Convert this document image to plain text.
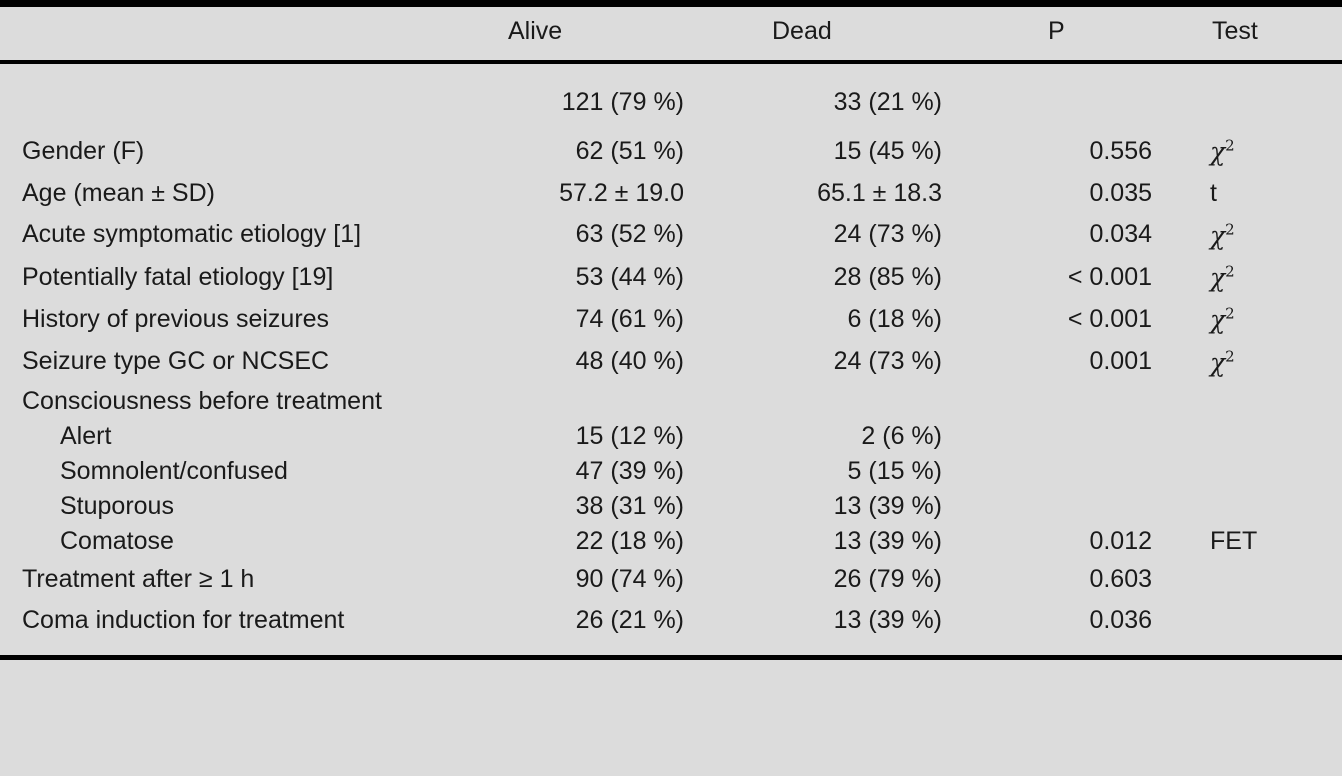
	Alive	Dead	P	Test

	121 (79 %)	33 (21 %)		
Gender (F)	62 (51 %)	15 (45 %)	0.556	$\chi^2$
Age (mean ± SD)	57.2 ± 19.0	65.1 ± 18.3	0.035	t
Acute symptomatic etiology [1]	63 (52 %)	24 (73 %)	0.034	$\chi^2$
Potentially fatal etiology [19]	53 (44 %)	28 (85 %)	< 0.001	$\chi^2$
History of previous seizures	74 (61 %)	6 (18 %)	< 0.001	$\chi^2$
Seizure type GC or NCSEC	48 (40 %)	24 (73 %)	0.001	$\chi^2$
Consciousness before treatment				
Alert	15 (12 %)	2 (6 %)		
Somnolent/confused	47 (39 %)	5 (15 %)		
Stuporous	38 (31 %)	13 (39 %)		
Comatose	22 (18 %)	13 (39 %)	0.012	FET
Treatment after ≥ 1 h	90 (74 %)	26 (79 %)	0.603	
Coma induction for treatment	26 (21 %)	13 (39 %)	0.036	
